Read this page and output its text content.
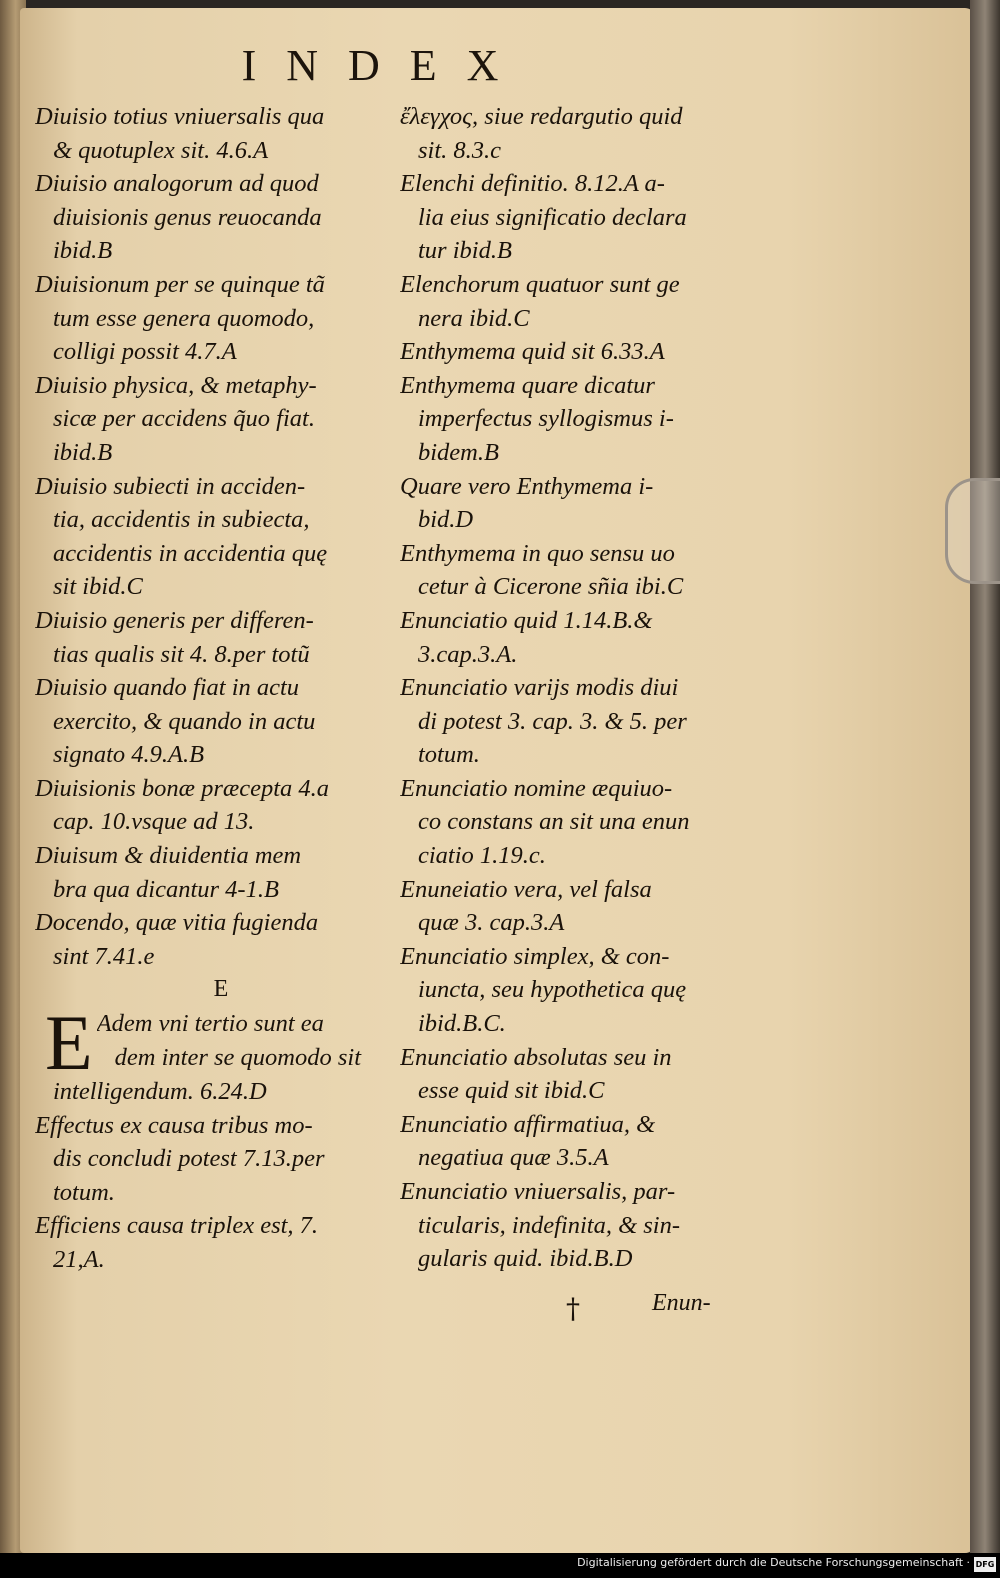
INDEX
Diuisio totius vniuersalis qua
& quotuplex sit. 4.6.A
Diuisio analogorum ad quod
diuisionis genus reuocanda
ibid.B
Diuisionum per se quinque tã
tum esse genera quomodo,
colligi possit 4.7.A
Diuisio physica, & metaphy-
sicæ per accidens q̃uo fiat.
ibid.B
Diuisio subiecti in acciden-
tia, accidentis in subiecta,
accidentis in accidentia quę
sit ibid.C
Diuisio generis per differen-
tias qualis sit 4. 8.per totũ
Diuisio quando fiat in actu
exercito, & quando in actu
signato 4.9.A.B
Diuisionis bonæ præcepta 4.a
cap. 10.vsque ad 13.
Diuisum & diuidentia mem
bra qua dicantur 4-1.B
Docendo, quæ vitia fugienda
sint 7.41.e
E
E Adem vni tertio sunt ea
dem inter se quomodo sit
intelligendum. 6.24.D
Effectus ex causa tribus mo-
dis concludi potest 7.13.per
totum.
Efficiens causa triplex est, 7.
21,A.
ἔλεγχος, siue redargutio quid
sit. 8.3.c
Elenchi definitio. 8.12.A a-
lia eius significatio declara
tur ibid.B
Elenchorum quatuor sunt ge
nera ibid.C
Enthymema quid sit 6.33.A
Enthymema quare dicatur
imperfectus syllogismus i-
bidem.B
Quare vero Enthymema i-
bid.D
Enthymema in quo sensu uo
cetur à Cicerone sñia ibi.C
Enunciatio quid 1.14.B.&
3.cap.3.A.
Enunciatio varijs modis diui
di potest 3. cap. 3. & 5. per
totum.
Enunciatio nomine æquiuo-
co constans an sit una enun
ciatio 1.19.c.
Enuneiatio vera, vel falsa
quæ 3. cap.3.A
Enunciatio simplex, & con-
iuncta, seu hypothetica quę
ibid.B.C.
Enunciatio absolutas seu in
esse quid sit ibid.C
Enunciatio affirmatiua, &
negatiua quæ 3.5.A
Enunciatio vniuersalis, par-
ticularis, indefinita, & sin-
gularis quid. ibid.B.D
†	Enun-
Digitalisierung gefördert durch die Deutsche Forschungsgemeinschaft · DFG
